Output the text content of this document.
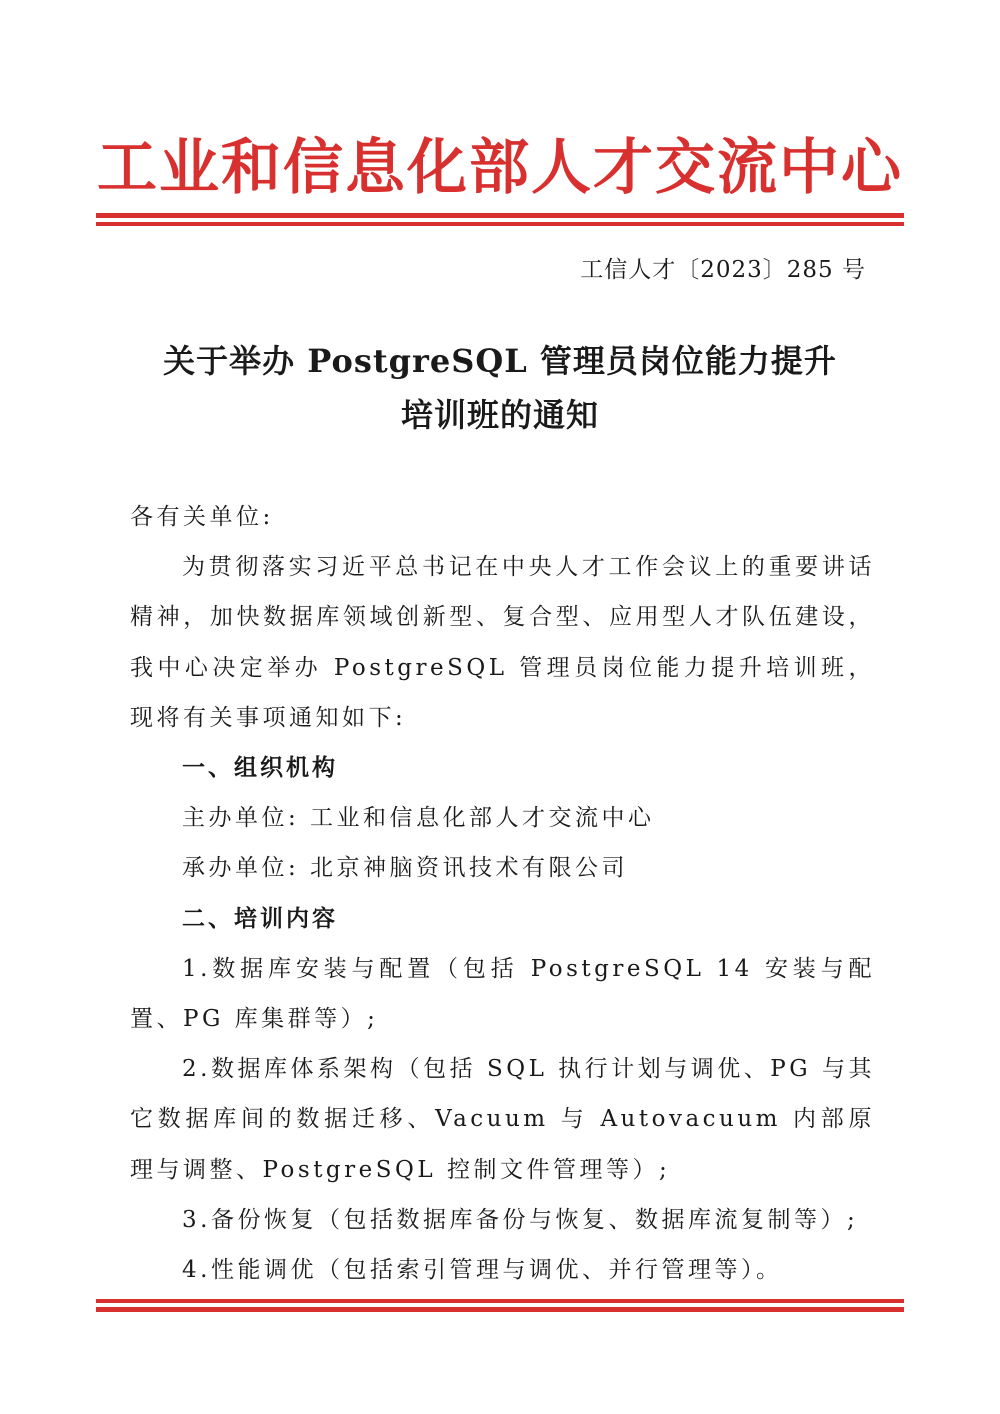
工业和信息化部人才交流中心
工信人才〔2023〕285 号
关于举办 PostgreSQL 管理员岗位能力提升
培训班的通知

各有关单位:

为贯彻落实习近平总书记在中央人才工作会议上的重要讲话精神，加快数据库领域创新型、复合型、应用型人才队伍建设，我中心决定举办 PostgreSQL 管理员岗位能力提升培训班，现将有关事项通知如下:

一、组织机构

主办单位: 工业和信息化部人才交流中心

承办单位: 北京神脑资讯技术有限公司

二、培训内容

1.数据库安装与配置（包括 PostgreSQL 14 安装与配置、PG 库集群等）;

2.数据库体系架构（包括 SQL 执行计划与调优、PG 与其它数据库间的数据迁移、Vacuum 与 Autovacuum 内部原理与调整、PostgreSQL 控制文件管理等）;

3.备份恢复（包括数据库备份与恢复、数据库流复制等）;

4.性能调优（包括索引管理与调优、并行管理等）。
